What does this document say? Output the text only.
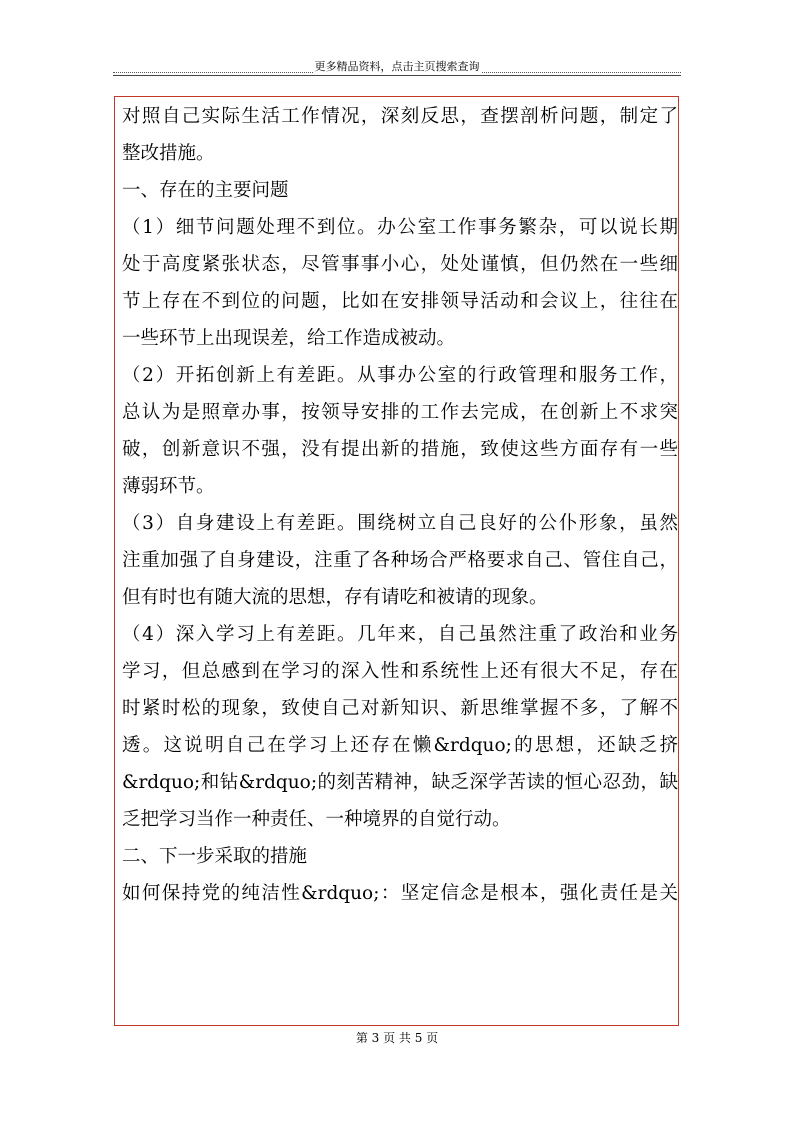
更多精品资料，点击主页搜索查询
对照自己实际生活工作情况，深刻反思，查摆剖析问题，制定了
整改措施。
一、存在的主要问题
（1）细节问题处理不到位。办公室工作事务繁杂，可以说长期
处于高度紧张状态，尽管事事小心，处处谨慎，但仍然在一些细
节上存在不到位的问题，比如在安排领导活动和会议上，往往在
一些环节上出现误差，给工作造成被动。
（2）开拓创新上有差距。从事办公室的行政管理和服务工作，
总认为是照章办事，按领导安排的工作去完成，在创新上不求突
破，创新意识不强，没有提出新的措施，致使这些方面存有一些
薄弱环节。
（3）自身建设上有差距。围绕树立自己良好的公仆形象，虽然
注重加强了自身建设，注重了各种场合严格要求自己、管住自己，
但有时也有随大流的思想，存有请吃和被请的现象。
（4）深入学习上有差距。几年来，自己虽然注重了政治和业务
学习，但总感到在学习的深入性和系统性上还有很大不足，存在
时紧时松的现象，致使自己对新知识、新思维掌握不多，了解不
透。这说明自己在学习上还存在懒&rdquo;的思想，还缺乏挤
&rdquo;和钻&rdquo;的刻苦精神，缺乏深学苦读的恒心忍劲，缺
乏把学习当作一种责任、一种境界的自觉行动。
二、下一步采取的措施
如何保持党的纯洁性&rdquo;：坚定信念是根本，强化责任是关
第 3 页 共 5 页
